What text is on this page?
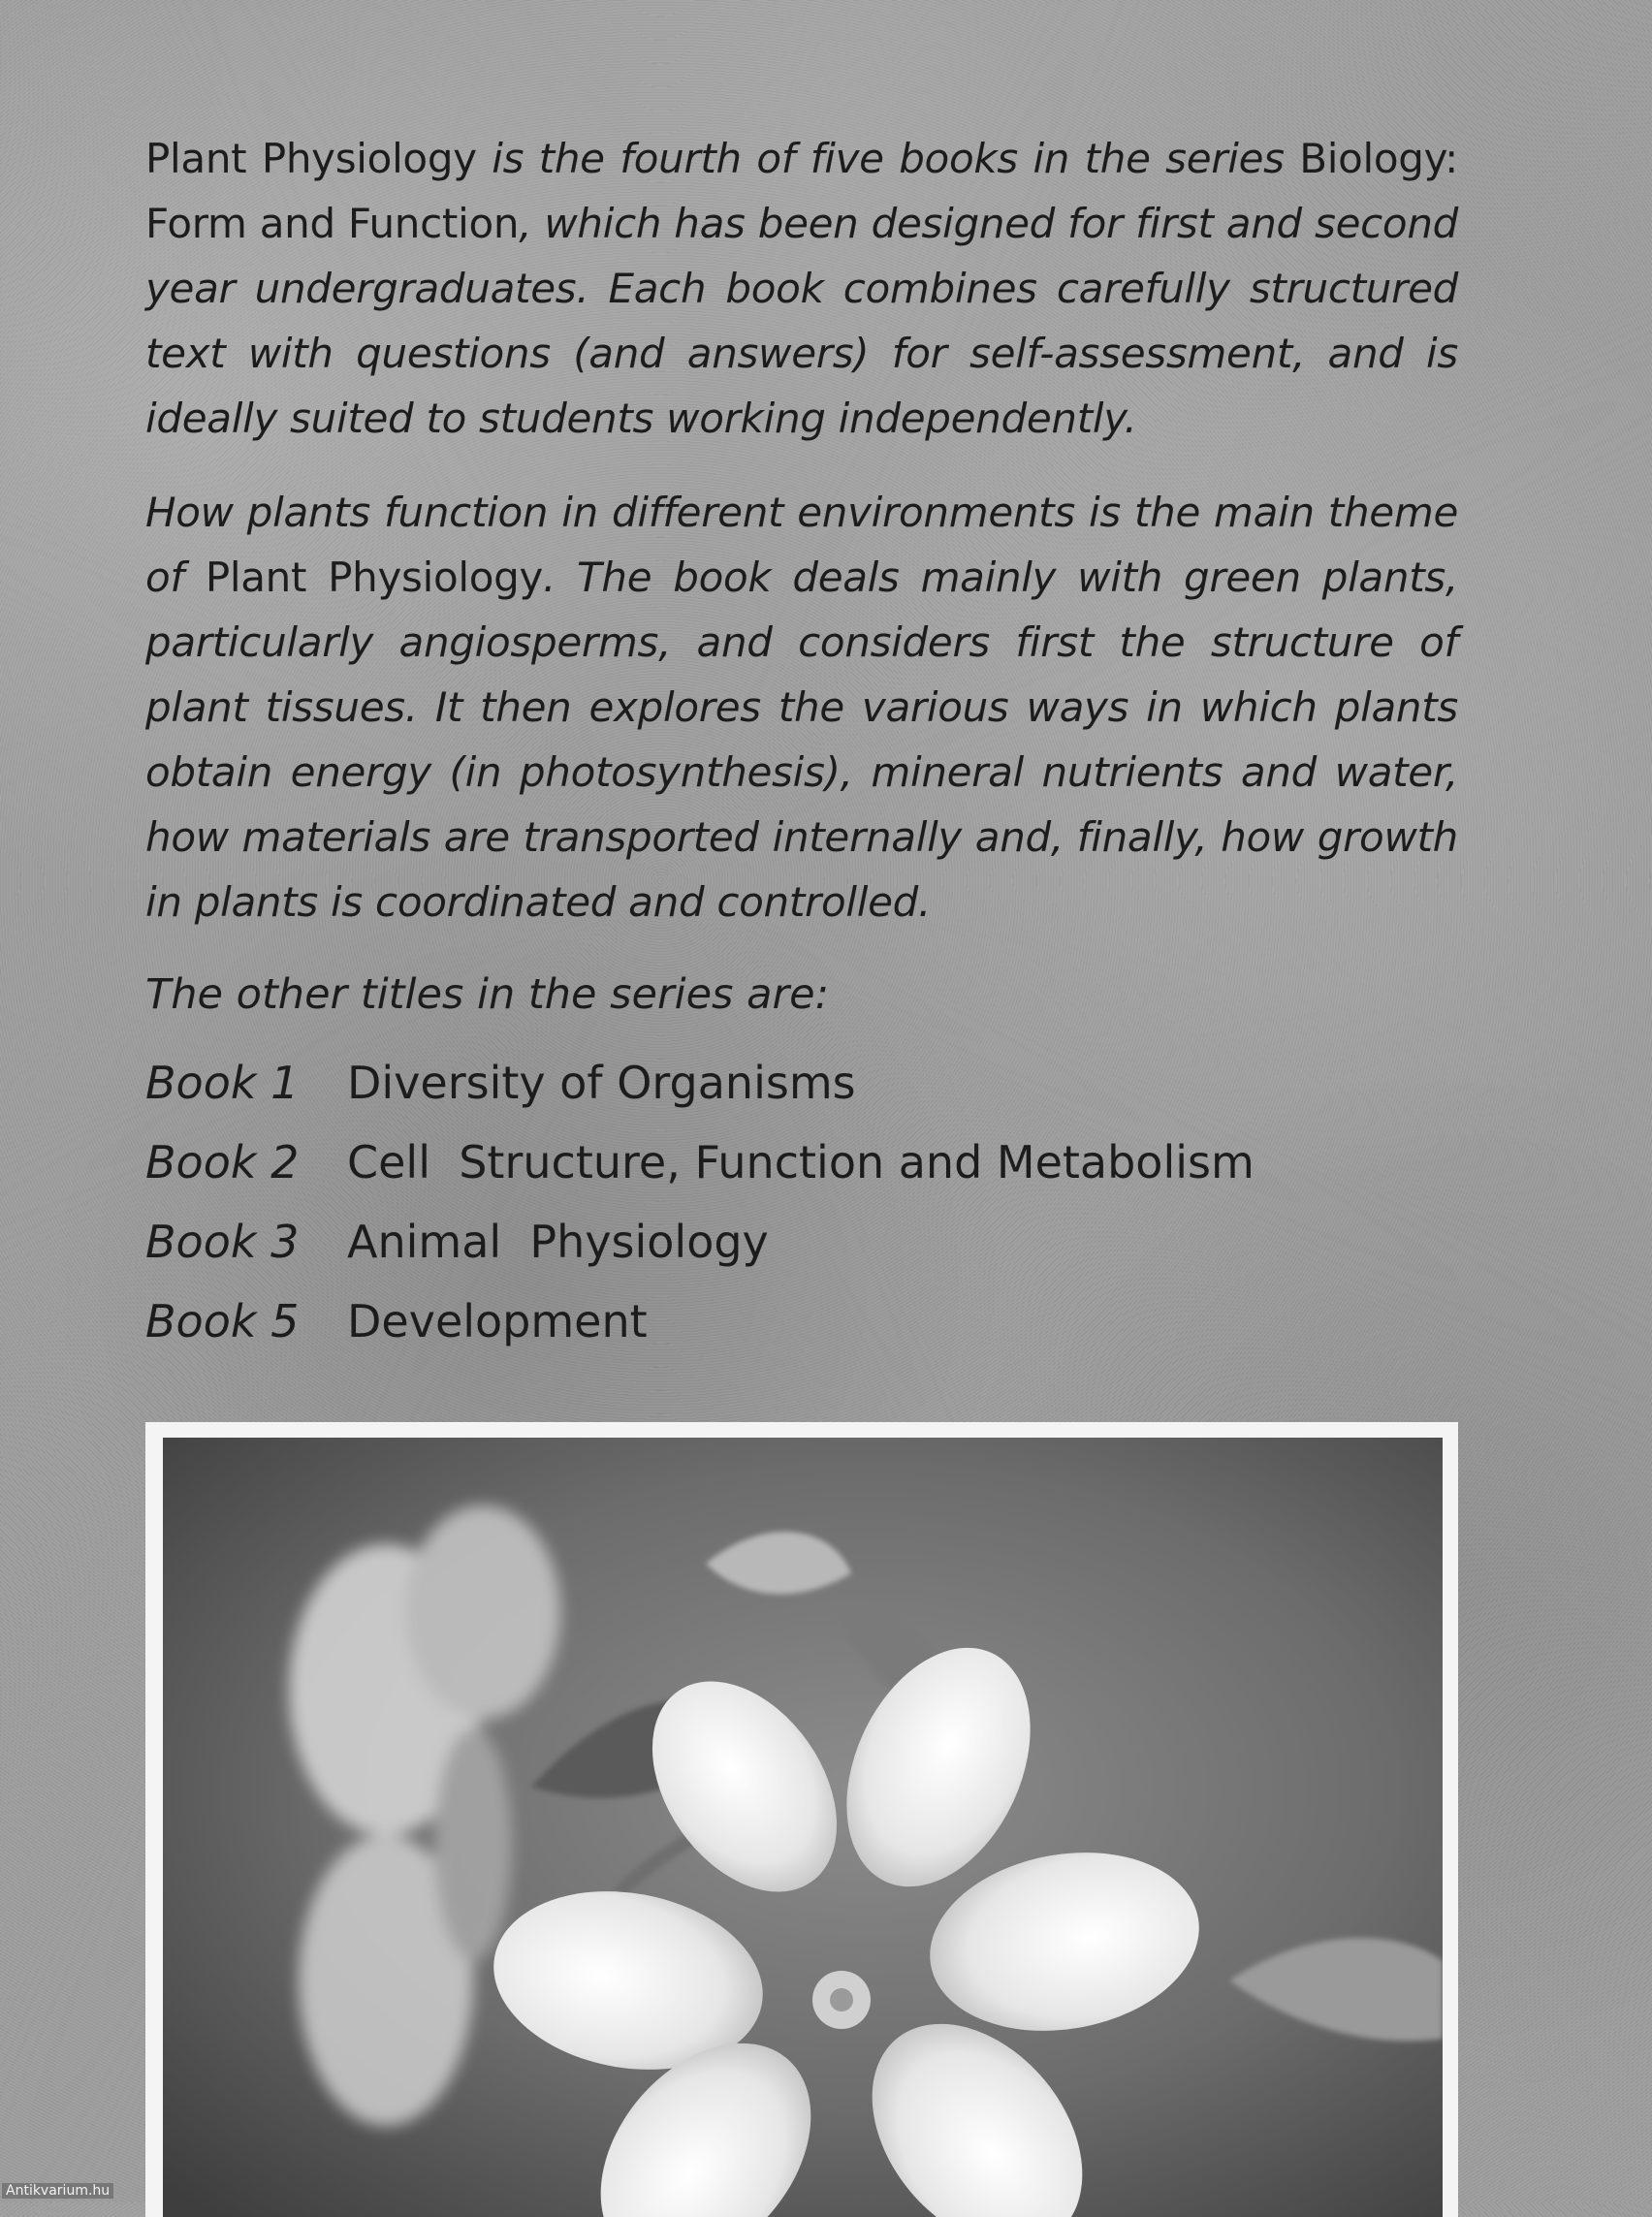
Plant Physiology is the fourth of five books in the series Biology: Form and Function, which has been designed for first and second year undergraduates. Each book combines carefully structured text with questions (and answers) for self-assessment, and is ideally suited to students working independently.

How plants function in different environments is the main theme of Plant Physiology. The book deals mainly with green plants, particularly angiosperms, and considers first the structure of plant tissues. It then explores the various ways in which plants obtain energy (in photosynthesis), mineral nutrients and water, how materials are transported internally and, finally, how growth in plants is coordinated and controlled.

The other titles in the series are:

Book 1	Diversity of Organisms
Book 2	Cell  Structure, Function and Metabolism
Book 3	Animal  Physiology
Book 5	Development
Antikvarium.hu
